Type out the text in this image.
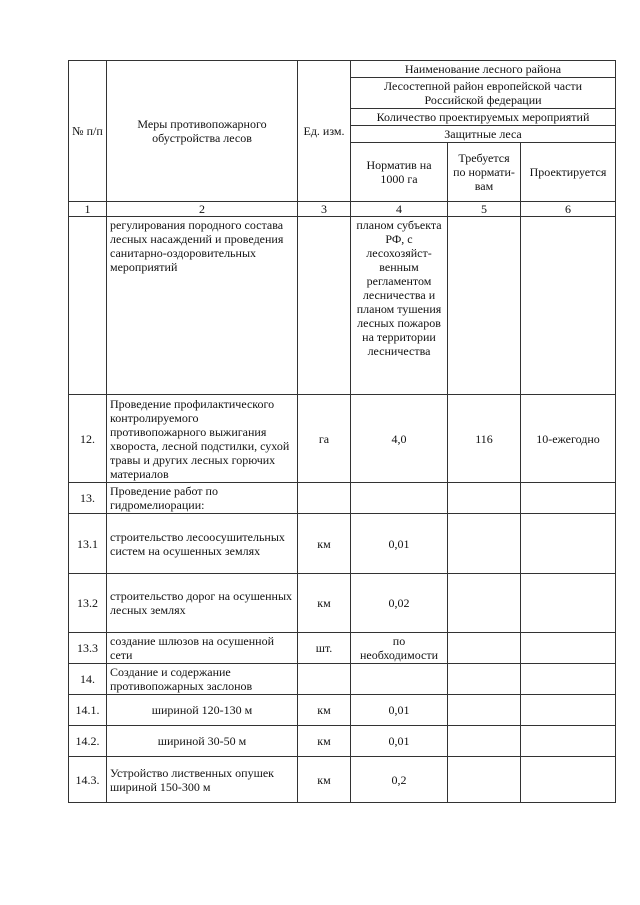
№ п/п	Меры противопожарного обустройства лесов	Ед. изм.	Наименование лесного района		
			Лесостепной район европейской части Российской федерации		
			Количество проектируемых мероприятий		
			Защитные леса		
			Норматив на 1000 га	Требуется по нормати-вам	Проектируется

1	2	3	4	5	6
	регулирования породного состава лесных насаждений и проведения санитарно-оздоровительных мероприятий		планом субъекта РФ, с лесохозяйст-венным регламентом лесничества и планом тушения лесных пожаров на территории лесничества		
12.	Проведение профилактического контролируемого противопожарного выжигания хвороста, лесной подстилки, сухой травы и других лесных горючих материалов	га	4,0	116	10-ежегодно
13.	Проведение работ по гидромелиорации:				
13.1	строительство лесоосушительных систем на осушенных землях	км	0,01		
13.2	строительство дорог на осушенных лесных землях	км	0,02		
13.3	создание шлюзов на осушенной сети	шт.	по необходимости		
14.	Создание и содержание противопожарных заслонов				
14.1.	шириной 120-130 м	км	0,01		
14.2.	шириной 30-50 м	км	0,01		
14.3.	Устройство лиственных опушек шириной 150-300 м	км	0,2		
